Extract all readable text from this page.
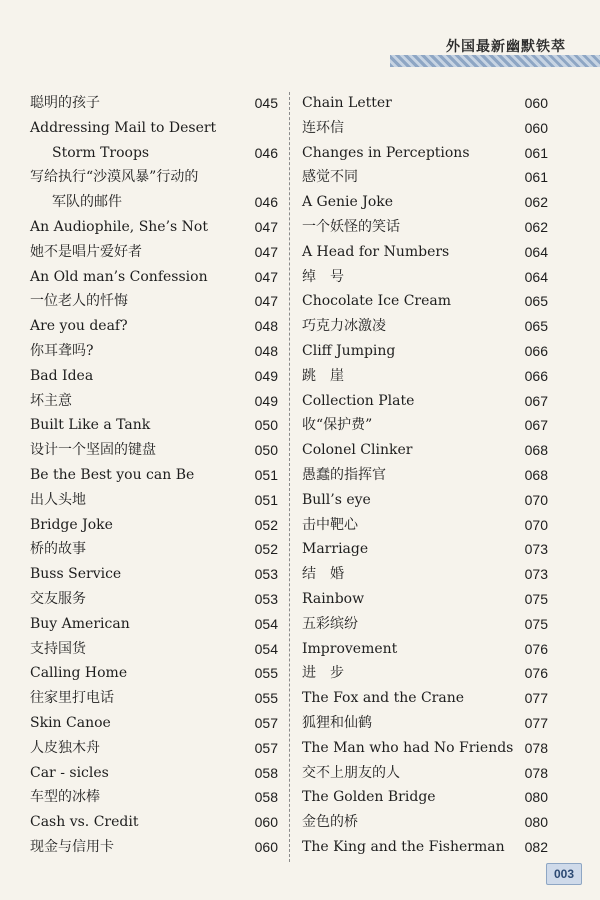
外国最新幽默铁萃
聪明的孩子	045
Addressing Mail to Desert
Storm Troops	046
写给执行“沙漠风暴”行动的
军队的邮件	046
An Audiophile, She’s Not	047
她不是唱片爱好者	047
An Old man’s Confession	047
一位老人的忏悔	047
Are you deaf?	048
你耳聋吗?	048
Bad Idea	049
坏主意	049
Built Like a Tank	050
设计一个坚固的键盘	050
Be the Best you can Be	051
出人头地	051
Bridge Joke	052
桥的故事	052
Buss Service	053
交友服务	053
Buy American	054
支持国货	054
Calling Home	055
往家里打电话	055
Skin Canoe	057
人皮独木舟	057
Car - sicles	058
车型的冰棒	058
Cash vs. Credit	060
现金与信用卡	060
Chain Letter	060
连环信	060
Changes in Perceptions	061
感觉不同	061
A Genie Joke	062
一个妖怪的笑话	062
A Head for Numbers	064
绰　号	064
Chocolate Ice Cream	065
巧克力冰激凌	065
Cliff Jumping	066
跳　崖	066
Collection Plate	067
收“保护费”	067
Colonel Clinker	068
愚蠢的指挥官	068
Bull’s eye	070
击中靶心	070
Marriage	073
结　婚	073
Rainbow	075
五彩缤纷	075
Improvement	076
进　步	076
The Fox and the Crane	077
狐狸和仙鹤	077
The Man who had No Friends 078
交不上朋友的人	078
The Golden Bridge	080
金色的桥	080
The King and the Fisherman 082
003
